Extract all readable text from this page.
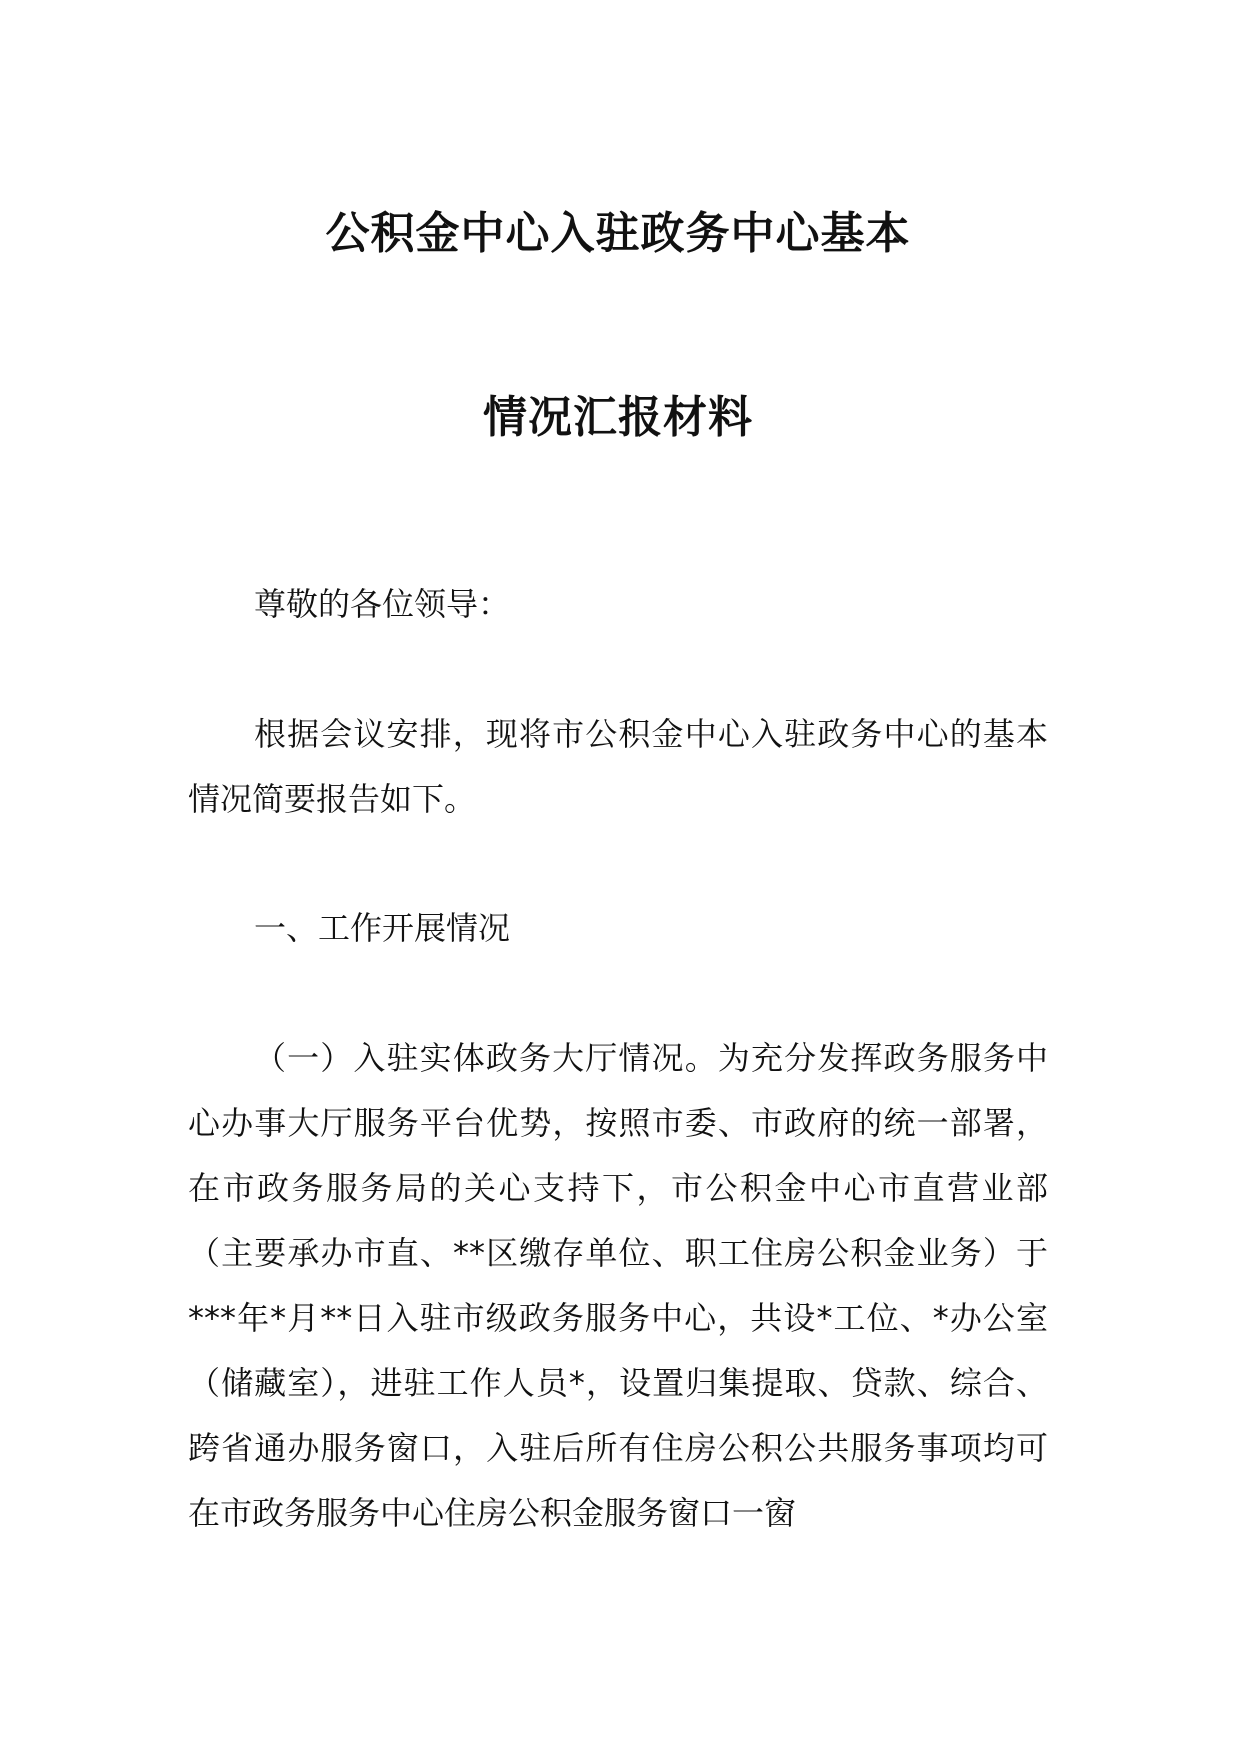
公积金中心入驻政务中心基本
情况汇报材料

尊敬的各位领导：

根据会议安排，现将市公积金中心入驻政务中心的基本情况简要报告如下。

一、工作开展情况

（一）入驻实体政务大厅情况。为充分发挥政务服务中心办事大厅服务平台优势，按照市委、市政府的统一部署，在市政务服务局的关心支持下，市公积金中心市直营业部（主要承办市直、**区缴存单位、职工住房公积金业务）于***年*月**日入驻市级政务服务中心，共设*工位、*办公室（储藏室），进驻工作人员*，设置归集提取、贷款、综合、跨省通办服务窗口，入驻后所有住房公积公共服务事项均可在市政务服务中心住房公积金服务窗口一窗
